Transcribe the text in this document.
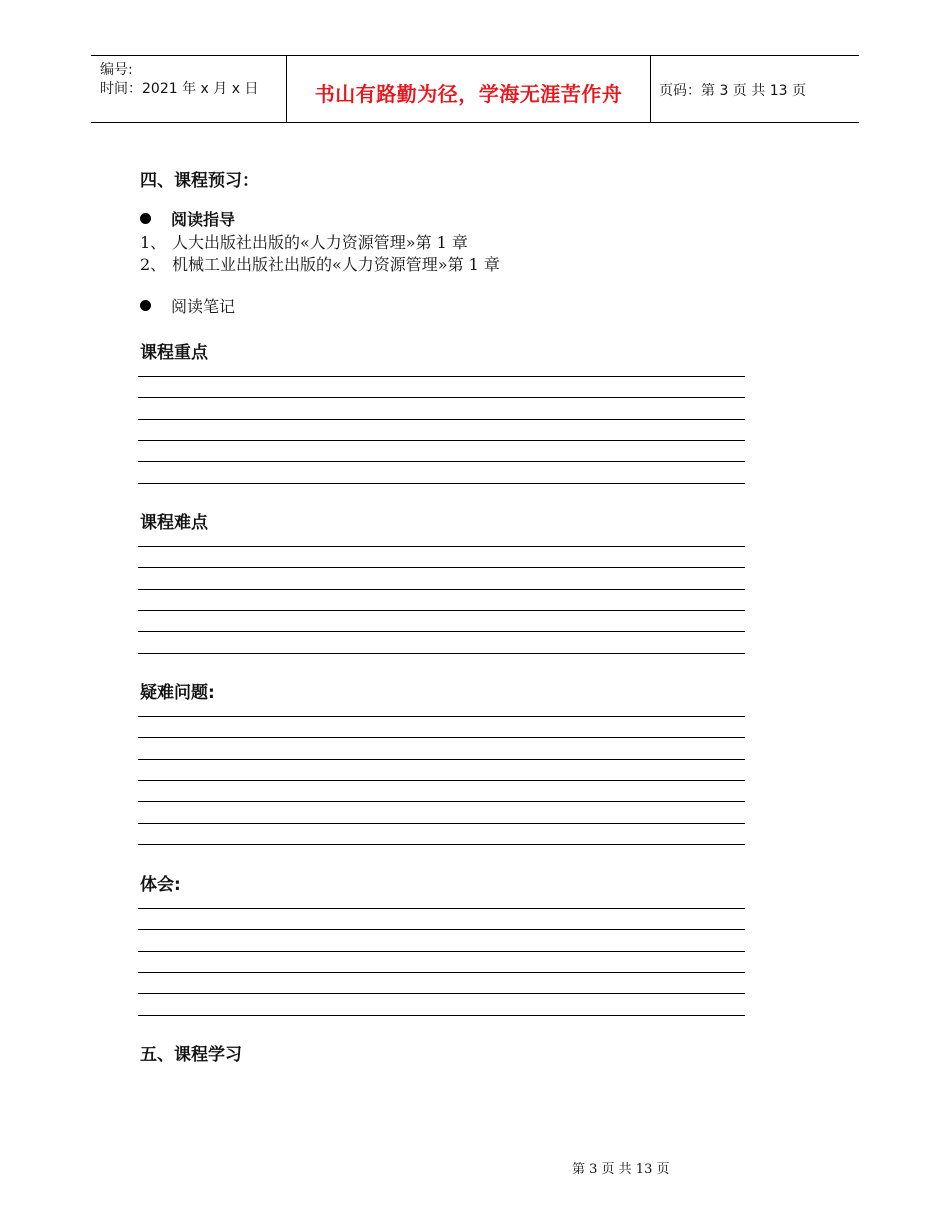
编号:
时间：2021 年 x 月 x 日	书山有路勤为径，学海无涯苦作舟	页码：第 3 页 共 13 页
四、课程预习：
阅读指导
1、 人大出版社出版的«人力资源管理»第 1 章
2、 机械工业出版社出版的«人力资源管理»第 1 章
阅读笔记
课程重点
课程难点
疑难问题:
体会:
五、课程学习
第 3 页 共 13 页
